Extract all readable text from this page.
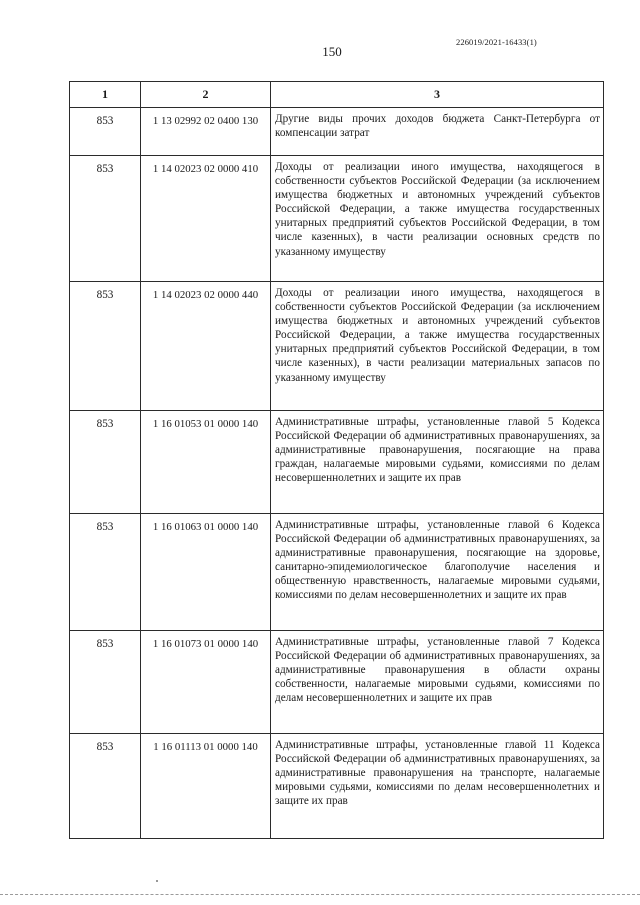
226019/2021-16433(1)
150
1	2	3
853	1 13 02992 02 0400 130	Другие виды прочих доходов бюджета Санкт-Петербурга от компенсации затрат
853	1 14 02023 02 0000 410	Доходы от реализации иного имущества, находящегося в собственности субъектов Российской Федерации (за исключением имущества бюджетных и автономных учреждений субъектов Российской Федерации, а также имущества государственных унитарных предприятий субъектов Российской Федерации, в том числе казенных), в части реализации основных средств по указанному имуществу
853	1 14 02023 02 0000 440	Доходы от реализации иного имущества, находящегося в собственности субъектов Российской Федерации (за исключением имущества бюджетных и автономных учреждений субъектов Российской Федерации, а также имущества государственных унитарных предприятий субъектов Российской Федерации, в том числе казенных), в части реализации материальных запасов по указанному имуществу
853	1 16 01053 01 0000 140	Административные штрафы, установленные главой 5 Кодекса Российской Федерации об административных правонарушениях, за административные правонарушения, посягающие на права граждан, налагаемые мировыми судьями, комиссиями по делам несовершеннолетних и защите их прав
853	1 16 01063 01 0000 140	Административные штрафы, установленные главой 6 Кодекса Российской Федерации об административных правонарушениях, за административные правонарушения, посягающие на здоровье, санитарно-эпидемиологическое благополучие населения и общественную нравственность, налагаемые мировыми судьями, комиссиями по делам несовершеннолетних и защите их прав
853	1 16 01073 01 0000 140	Административные штрафы, установленные главой 7 Кодекса Российской Федерации об административных правонарушениях, за административные правонарушения в области охраны собственности, налагаемые мировыми судьями, комиссиями по делам несовершеннолетних и защите их прав
853	1 16 01113 01 0000 140	Административные штрафы, установленные главой 11 Кодекса Российской Федерации об административных правонарушениях, за административные правонарушения на транспорте, налагаемые мировыми судьями, комиссиями по делам несовершеннолетних и защите их прав
